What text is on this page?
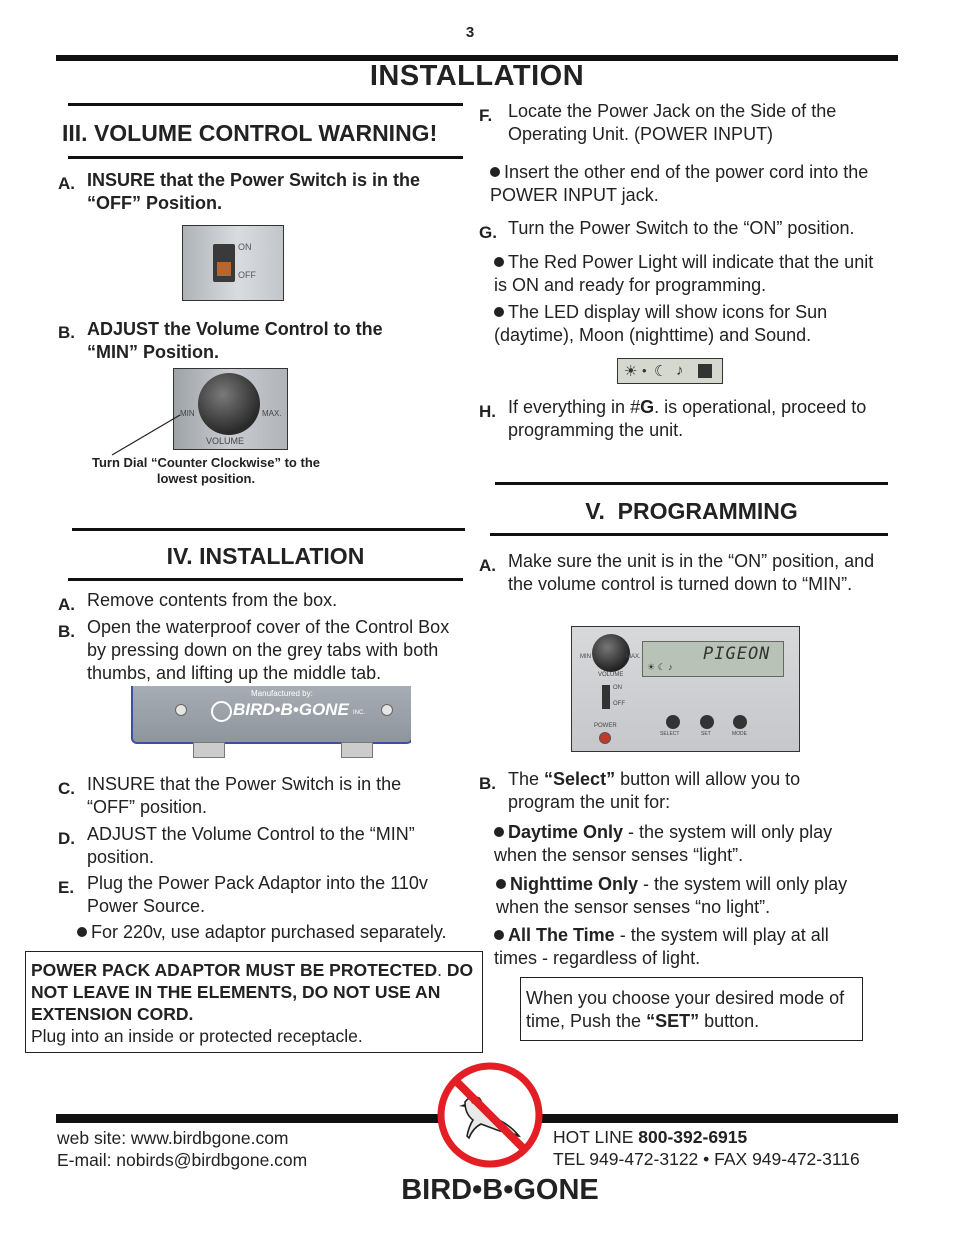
3
INSTALLATION
III. VOLUME CONTROL WARNING!
A. INSURE that the Power Switch is in the “OFF” Position.
ON
OFF
B. ADJUST the Volume Control to the “MIN” Position.
MIN	MAX.
VOLUME
Turn Dial “Counter Clockwise” to the lowest position.
IV. INSTALLATION
A. Remove contents from the box.
B. Open the waterproof cover of the Control Box by pressing down on the grey tabs with both thumbs, and lifting up the middle tab.
Manufactured by:
BIRD•B•GONE INC.
C. INSURE that the Power Switch is in the “OFF” position.
D. ADJUST the Volume Control to the “MIN” position.
E. Plug the Power Pack Adaptor into the 110v Power Source.
For 220v, use adaptor purchased separately.
POWER PACK ADAPTOR MUST BE PROTECTED. DO NOT LEAVE IN THE ELEMENTS, DO NOT USE AN EXTENSION CORD.
Plug into an inside or protected receptacle.
F. Locate the Power Jack on the Side of the Operating Unit. (POWER INPUT)
Insert the other end of the power cord into the POWER INPUT jack.
G. Turn the Power Switch to the “ON” position.
The Red Power Light will indicate that the unit is ON and ready for programming.
The LED display will show icons for Sun (daytime), Moon (nighttime) and Sound.
☀ • ☾ ♪
H. If everything in #G. is operational, proceed to programming the unit.
V.  PROGRAMMING
A. Make sure the unit is in the “ON” position, and the volume control is turned down to “MIN”.
MIN	MAX.
VOLUME
PIGEON
☀ ☾ ♪
ON
OFF
POWER
SELECT	SET	MODE
B. The “Select” button will allow you to program the unit for:
Daytime Only - the system will only play when the sensor senses “light”.
Nighttime Only - the system will only play when the sensor senses “no light”.
All The Time - the system will play at all times - regardless of light.
When you choose your desired mode of time, Push the “SET” button.
web site: www.birdbgone.com
E-mail: nobirds@birdbgone.com
HOT LINE 800-392-6915
TEL 949-472-3122 • FAX 949-472-3116
BIRD•B•GONE
